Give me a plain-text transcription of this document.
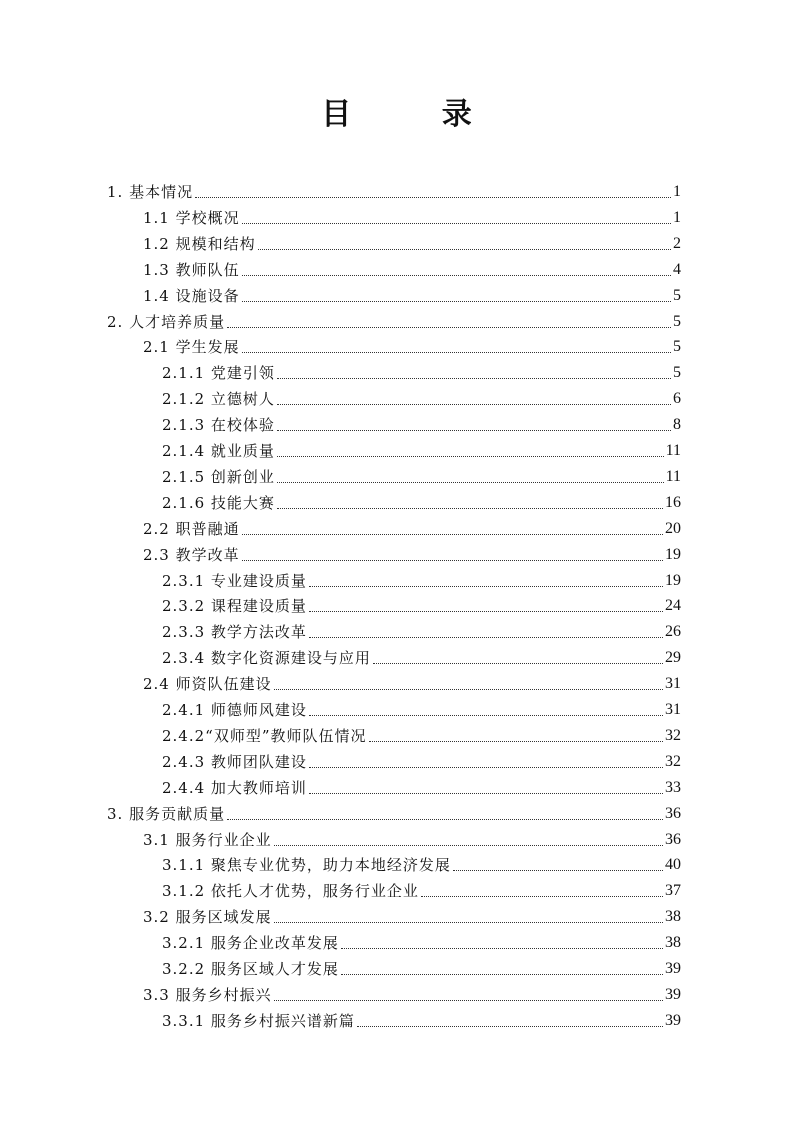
目 录
1. 基本情况	1
1.1 学校概况	1
1.2 规模和结构	2
1.3 教师队伍	4
1.4 设施设备	5
2. 人才培养质量	5
2.1 学生发展	5
2.1.1 党建引领	5
2.1.2 立德树人	6
2.1.3 在校体验	8
2.1.4 就业质量	11
2.1.5 创新创业	11
2.1.6 技能大赛	16
2.2 职普融通	20
2.3 教学改革	19
2.3.1 专业建设质量	19
2.3.2 课程建设质量	24
2.3.3 教学方法改革	26
2.3.4 数字化资源建设与应用	29
2.4 师资队伍建设	31
2.4.1 师德师风建设	31
2.4.2“双师型”教师队伍情况	32
2.4.3 教师团队建设	32
2.4.4 加大教师培训	33
3. 服务贡献质量	36
3.1 服务行业企业	36
3.1.1 聚焦专业优势，助力本地经济发展	40
3.1.2 依托人才优势，服务行业企业	37
3.2 服务区域发展	38
3.2.1 服务企业改革发展	38
3.2.2 服务区域人才发展	39
3.3 服务乡村振兴	39
3.3.1 服务乡村振兴谱新篇	39
